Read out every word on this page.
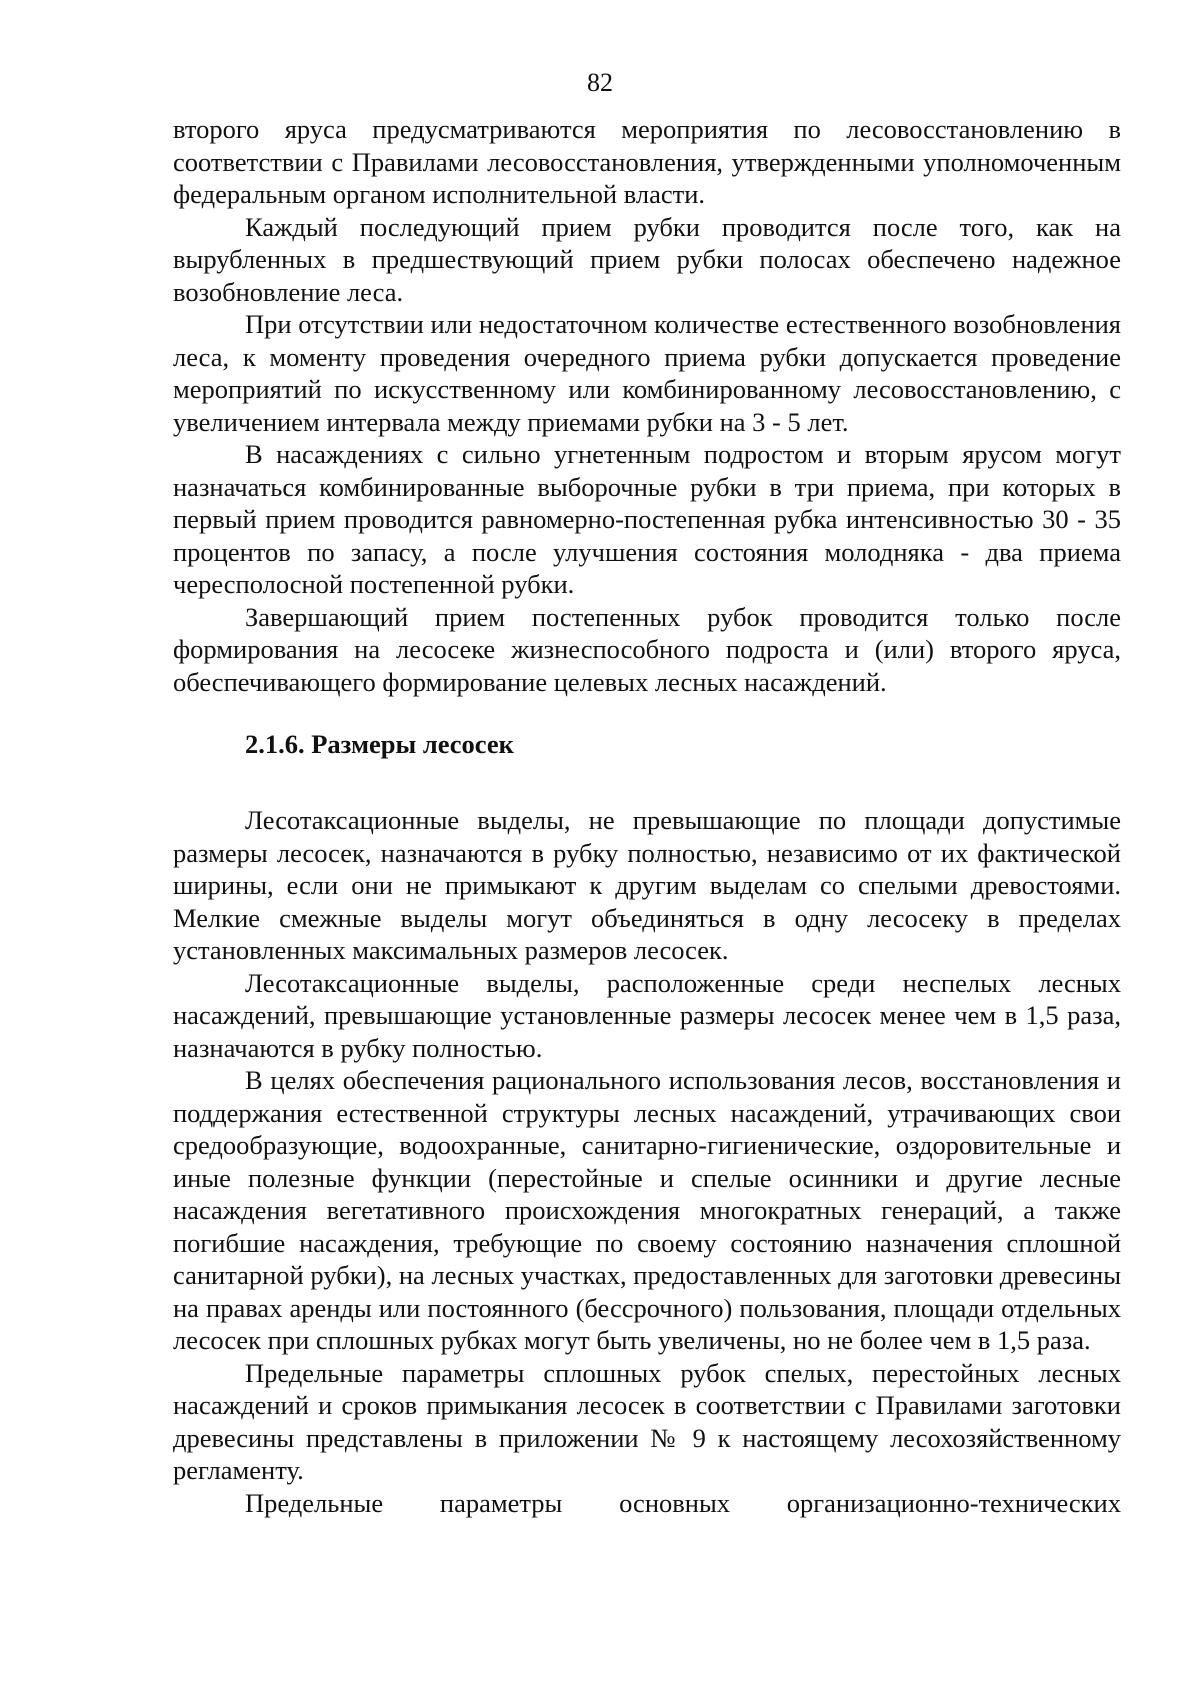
82

второго яруса предусматриваются мероприятия по лесовосстановлению в соответствии с Правилами лесовосстановления, утвержденными уполномоченным федеральным органом исполнительной власти.

Каждый последующий прием рубки проводится после того, как на вырубленных в предшествующий прием рубки полосах обеспечено надежное возобновление леса.

При отсутствии или недостаточном количестве естественного возобновления леса, к моменту проведения очередного приема рубки допускается проведение мероприятий по искусственному или комбинированному лесовосстановлению, с увеличением интервала между приемами рубки на 3 - 5 лет.

В насаждениях с сильно угнетенным подростом и вторым ярусом могут назначаться комбинированные выборочные рубки в три приема, при которых в первый прием проводится равномерно-постепенная рубка интенсивностью 30 - 35 процентов по запасу, а после улучшения состояния молодняка - два приема чересполосной постепенной рубки.

Завершающий прием постепенных рубок проводится только после формирования на лесосеке жизнеспособного подроста и (или) второго яруса, обеспечивающего формирование целевых лесных насаждений.

2.1.6. Размеры лесосек

Лесотаксационные выделы, не превышающие по площади допустимые размеры лесосек, назначаются в рубку полностью, независимо от их фактической ширины, если они не примыкают к другим выделам со спелыми древостоями. Мелкие смежные выделы могут объединяться в одну лесосеку в пределах установленных максимальных размеров лесосек.

Лесотаксационные выделы, расположенные среди неспелых лесных насаждений, превышающие установленные размеры лесосек менее чем в 1,5 раза, назначаются в рубку полностью.

В целях обеспечения рационального использования лесов, восстановления и поддержания естественной структуры лесных насаждений, утрачивающих свои средообразующие, водоохранные, санитарно-гигиенические, оздоровительные и иные полезные функции (перестойные и спелые осинники и другие лесные насаждения вегетативного происхождения многократных генераций, а также погибшие насаждения, требующие по своему состоянию назначения сплошной санитарной рубки), на лесных участках, предоставленных для заготовки древесины на правах аренды или постоянного (бессрочного) пользования, площади отдельных лесосек при сплошных рубках могут быть увеличены, но не более чем в 1,5 раза.

Предельные параметры сплошных рубок спелых, перестойных лесных насаждений и сроков примыкания лесосек в соответствии с Правилами заготовки древесины представлены в приложении № 9 к настоящему лесохозяйственному регламенту.

Предельные параметры основных организационно-технических
